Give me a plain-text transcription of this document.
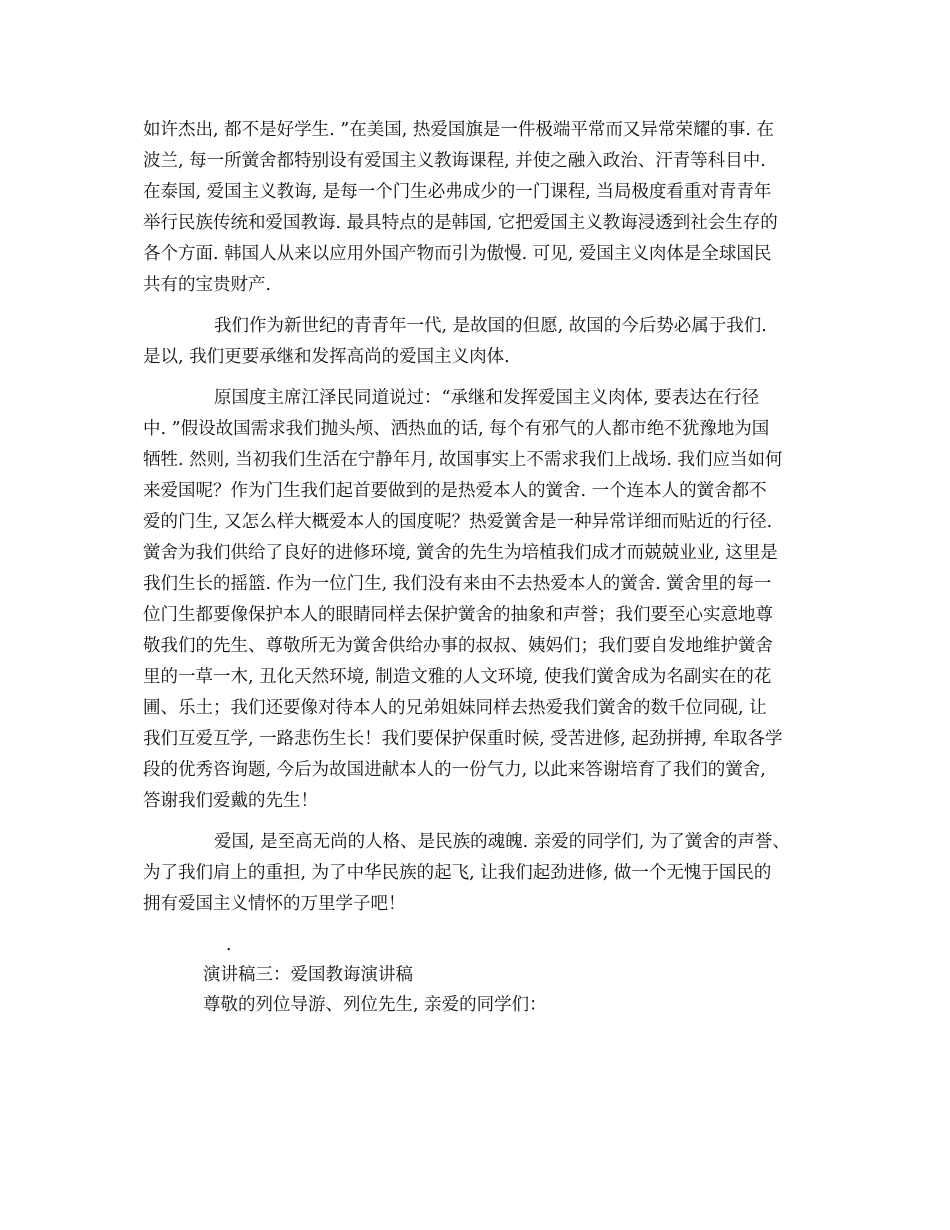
如许杰出, 都不是好学生. ”在美国, 热爱国旗是一件极端平常而又异常荣耀的事. 在
波兰, 每一所黉舍都特别设有爱国主义教诲课程, 并使之融入政治、汗青等科目中.
在泰国, 爱国主义教诲, 是每一个门生必弗成少的一门课程, 当局极度看重对青青年
举行民族传统和爱国教诲. 最具特点的是韩国, 它把爱国主义教诲浸透到社会生存的
各个方面. 韩国人从来以应用外国产物而引为傲慢. 可见, 爱国主义肉体是全球国民
共有的宝贵财产.
我们作为新世纪的青青年一代, 是故国的但愿, 故国的今后势必属于我们.
是以, 我们更要承继和发挥高尚的爱国主义肉体.
原国度主席江泽民同道说过：“承继和发挥爱国主义肉体, 要表达在行径
中. ”假设故国需求我们抛头颅、洒热血的话, 每个有邪气的人都市绝不犹豫地为国
牺牲. 然则, 当初我们生活在宁静年月, 故国事实上不需求我们上战场. 我们应当如何
来爱国呢？作为门生我们起首要做到的是热爱本人的黉舍. 一个连本人的黉舍都不
爱的门生, 又怎么样大概爱本人的国度呢？热爱黉舍是一种异常详细而贴近的行径.
黉舍为我们供给了良好的进修环境, 黉舍的先生为培植我们成才而兢兢业业, 这里是
我们生长的摇篮. 作为一位门生, 我们没有来由不去热爱本人的黉舍. 黉舍里的每一
位门生都要像保护本人的眼睛同样去保护黉舍的抽象和声誉；我们要至心实意地尊
敬我们的先生、尊敬所无为黉舍供给办事的叔叔、姨妈们；我们要自发地维护黉舍
里的一草一木, 丑化天然环境, 制造文雅的人文环境, 使我们黉舍成为名副实在的花
圃、乐土；我们还要像对待本人的兄弟姐妹同样去热爱我们黉舍的数千位同砚, 让
我们互爱互学, 一路悲伤生长！我们要保护保重时候, 受苦进修, 起劲拼搏, 牟取各学
段的优秀咨询题, 今后为故国进献本人的一份气力, 以此来答谢培育了我们的黉舍,
答谢我们爱戴的先生！
爱国, 是至高无尚的人格、是民族的魂魄. 亲爱的同学们, 为了黉舍的声誉、
为了我们肩上的重担, 为了中华民族的起飞, 让我们起劲进修, 做一个无愧于国民的
拥有爱国主义情怀的万里学子吧！
.
演讲稿三：爱国教诲演讲稿
尊敬的列位导游、列位先生, 亲爱的同学们：
